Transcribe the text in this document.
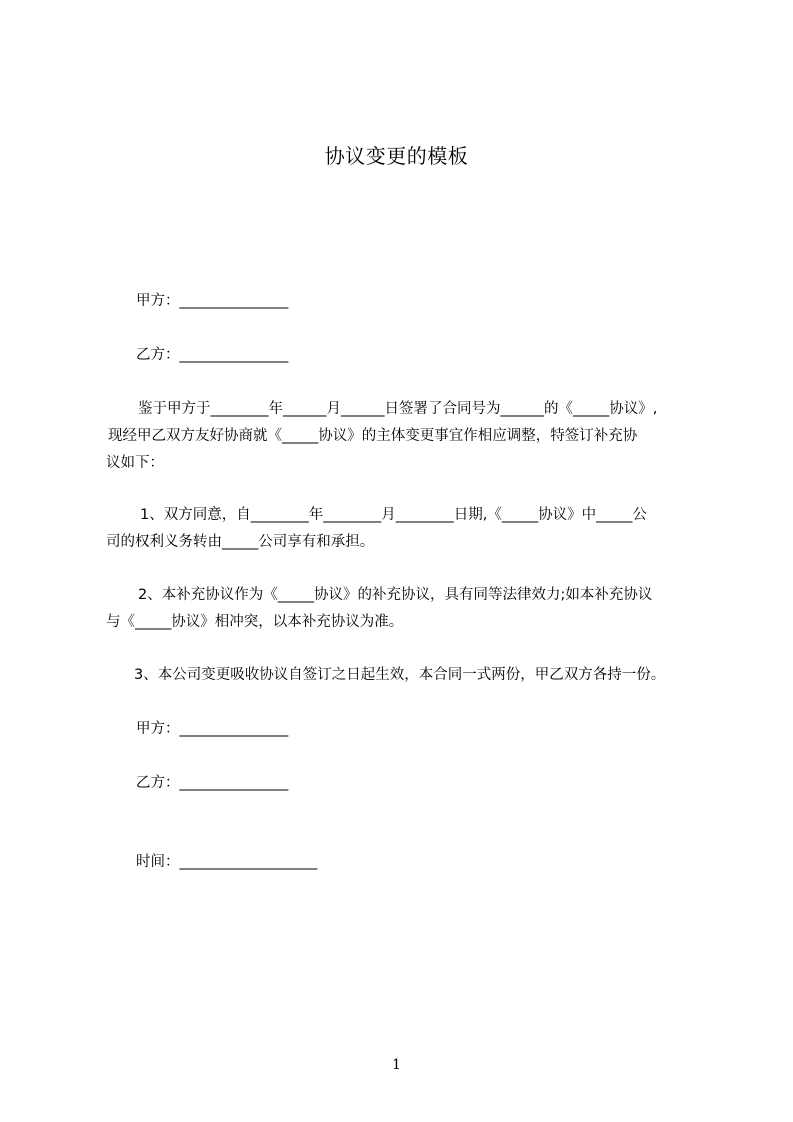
协议变更的模板
甲方：_______________
乙方：_______________
鉴于甲方于________年______月______日签署了合同号为______的《_____协议》,
现经甲乙双方友好协商就《_____协议》的主体变更事宜作相应调整，特签订补充协
议如下：
1、双方同意，自________年________月________日期,《_____协议》中_____公
司的权利义务转由_____公司享有和承担。
2、本补充协议作为《_____协议》的补充协议，具有同等法律效力;如本补充协议
与《_____协议》相冲突，以本补充协议为准。
3、本公司变更吸收协议自签订之日起生效，本合同一式两份，甲乙双方各持一份。
甲方：_______________
乙方：_______________
时间：___________________
1
